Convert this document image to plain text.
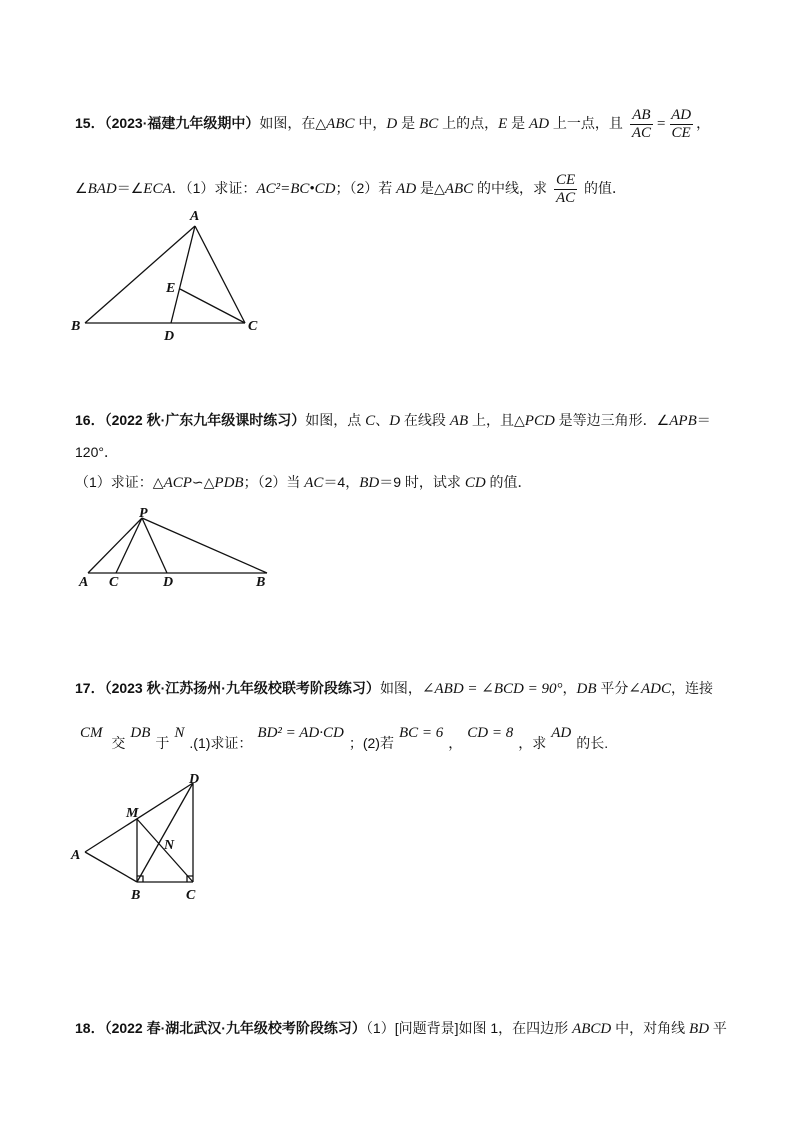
15．（2023·福建九年级期中）如图，在△ABC 中，D 是 BC 上的点，E 是 AD 上一点，且 $\frac{AB}{AC} = \frac{AD}{CE}$ ，
∠BAD＝∠ECA．（1）求证：AC²=BC•CD；（2）若 AD 是△ABC 的中线，求 $\frac{CE}{AC}$ 的值．
16．（2022 秋·广东九年级课时练习）如图，点 C、D 在线段 AB 上，且△PCD 是等边三角形．∠APB＝
120°．
（1）求证：△ACP∽△PDB；（2）当 AC＝4，BD＝9 时，试求 CD 的值．
17．（2023 秋·江苏扬州·九年级校联考阶段练习）如图，∠ABD = ∠BCD = 90°，DB 平分∠ADC，连接
CM 交DB于N.(1)求证：BD² = AD·CD；(2)若BC = 6，CD = 8，求AD的长.
18．（2022 春·湖北武汉·九年级校考阶段练习）（1）[问题背景]如图 1，在四边形 ABCD 中，对角线 BD 平
A
E
B
D
C
P
A C	D	B
D
M
A
B	C
N
